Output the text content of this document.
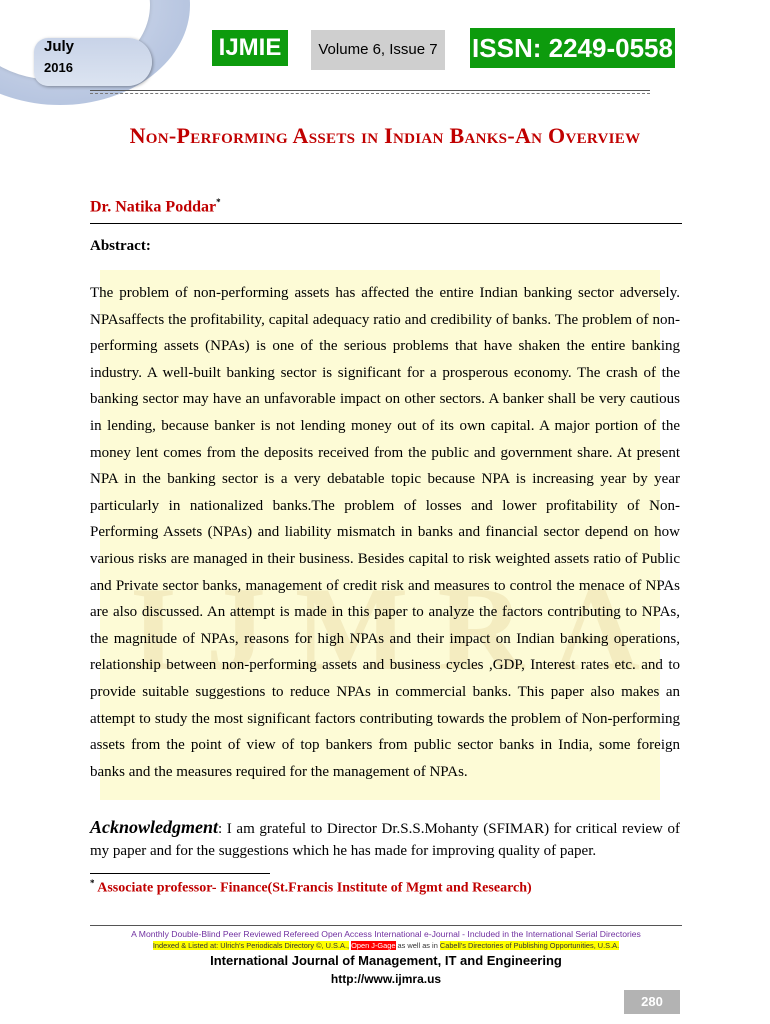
July
2016
IJMIE	Volume 6, Issue 7 ISSN: 2249-0558
I J M R A
Non-Performing Assets in Indian Banks-An Overview
Dr. Natika Poddar*
Abstract:
The problem of non-performing assets has affected the entire Indian banking sector adversely. NPAsaffects the profitability, capital adequacy ratio and credibility of banks. The problem of non-performing assets (NPAs) is one of the serious problems that have shaken the entire banking industry. A well-built banking sector is significant for a prosperous economy. The crash of the banking sector may have an unfavorable impact on other sectors. A banker shall be very cautious in lending, because banker is not lending money out of its own capital. A major portion of the money lent comes from the deposits received from the public and government share. At present NPA in the banking sector is a very debatable topic because NPA is increasing year by year particularly in nationalized banks.The problem of losses and lower profitability of Non-Performing Assets (NPAs) and liability mismatch in banks and financial sector depend on how various risks are managed in their business. Besides capital to risk weighted assets ratio of Public and Private sector banks, management of credit risk and measures to control the menace of NPAs are also discussed. An attempt is made in this paper to analyze the factors contributing to NPAs, the magnitude of NPAs, reasons for high NPAs and their impact on Indian banking operations, relationship between non-performing assets and business cycles ,GDP, Interest rates etc. and to provide suitable suggestions to reduce NPAs in commercial banks. This paper also makes an attempt to study the most significant factors contributing towards the problem of Non-performing assets from the point of view of top bankers from public sector banks in India, some foreign banks and the measures required for the management of NPAs.
Acknowledgment: I am grateful to Director Dr.S.S.Mohanty (SFIMAR) for critical review of my paper and for the suggestions which he has made for improving quality of paper.
* Associate professor- Finance(St.Francis Institute of Mgmt and Research)
A Monthly Double-Blind Peer Reviewed Refereed Open Access International e-Journal - Included in the International Serial Directories
Indexed & Listed at: Ulrich's Periodicals Directory ©, U.S.A., Open J-Gage as well as in Cabell's Directories of Publishing Opportunities, U.S.A.
International Journal of Management, IT and Engineering
http://www.ijmra.us
280
